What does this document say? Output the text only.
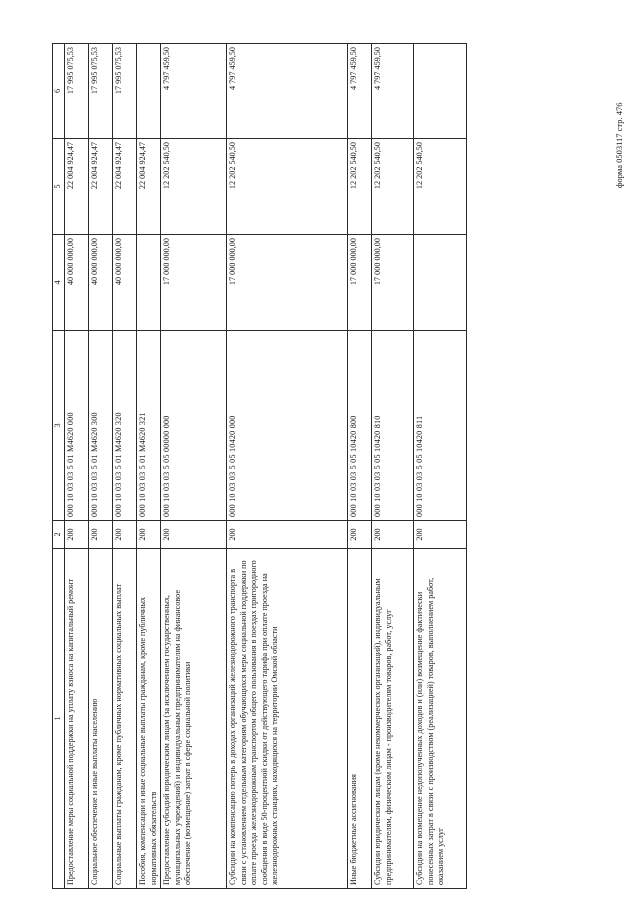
форма 0503117 стр. 476
1	2	3	4	5	6
Предоставление меры социальной поддержки на уплату взноса на капитальный ремонт	200	000 10 03 03 5 01 М4620 000	40 000 000,00	22 004 924,47	17 995 075,53
Социальное обеспечение и иные выплаты населению	200	000 10 03 03 5 01 М4620 300	40 000 000,00	22 004 924,47	17 995 075,53
Социальные выплаты гражданам, кроме публичных нормативных социальных выплат	200	000 10 03 03 5 01 М4620 320	40 000 000,00	22 004 924,47	17 995 075,53
Пособия, компенсации и иные социальные выплаты гражданам, кроме публичных нормативных обязательств	200	000 10 03 03 5 01 М4620 321		22 004 924,47	
Предоставление субсидий юридическим лицам (за исключением государственных, муниципальных учреждений) и индивидуальным предпринимателям на финансовое обеспечение (возмещение) затрат в сфере социальной политики	200	000 10 03 03 5 05 00000 000	17 000 000,00	12 202 540,50	4 797 459,50
Субсидии на компенсацию потерь в доходах организаций железнодорожного транспорта в связи с установлением отдельным категориям обучающихся меры социальной поддержки по оплате проезда железнодорожным транспортом общего пользования в поездах пригородного сообщения в виде 50-процентной скидки от действующего тарифа при оплате проезда на железнодорожных станциях, находящихся на территории Омской области	200	000 10 03 03 5 05 10420 000	17 000 000,00	12 202 540,50	4 797 459,50
Иные бюджетные ассигнования	200	000 10 03 03 5 05 10420 800	17 000 000,00	12 202 540,50	4 797 459,50
Субсидии юридическим лицам (кроме некоммерческих организаций), индивидуальным предпринимателям, физическим лицам - производителям товаров, работ, услуг	200	000 10 03 03 5 05 10420 810	17 000 000,00	12 202 540,50	4 797 459,50
Субсидии на возмещение недополученных доходов и (или) возмещение фактически понесенных затрат в связи с производством (реализацией) товаров, выполнением работ, оказанием услуг	200	000 10 03 03 5 05 10420 811		12 202 540,50	
